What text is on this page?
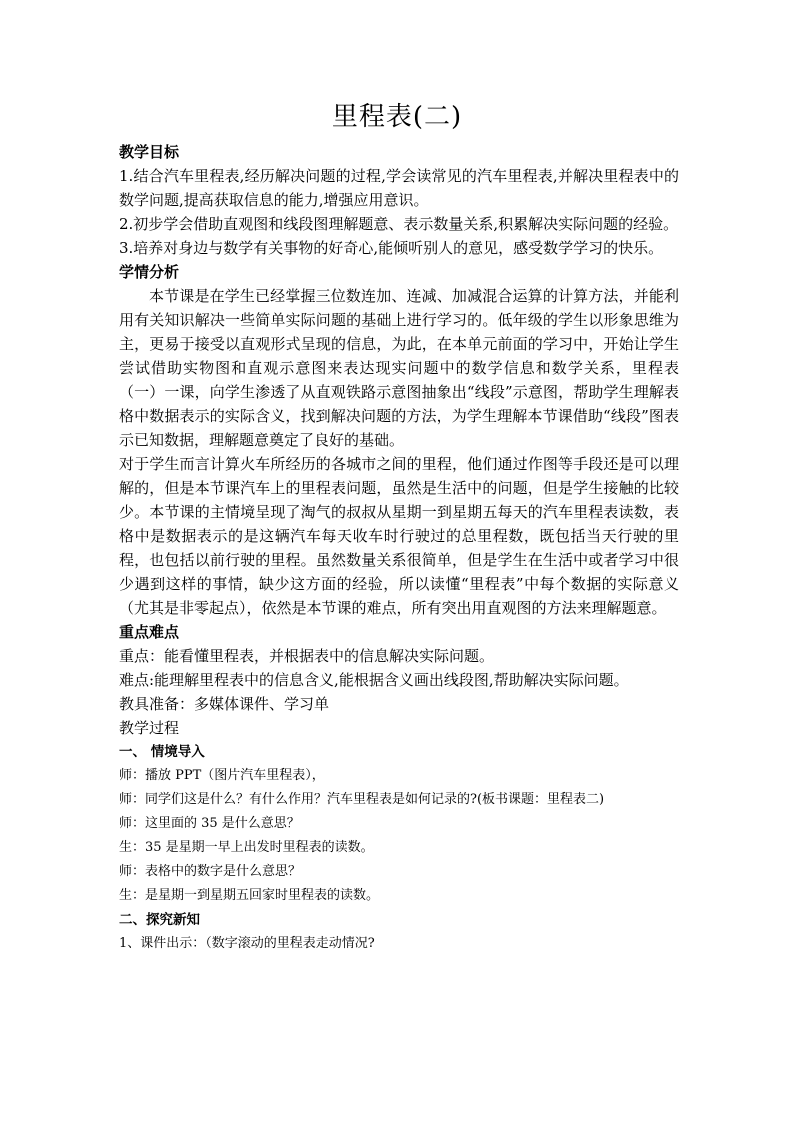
里程表(二)

教学目标

1.结合汽车里程表,经历解决问题的过程,学会读常见的汽车里程表,并解决里程表中的数学问题,提高获取信息的能力,增强应用意识。

2.初步学会借助直观图和线段图理解题意、表示数量关系,积累解决实际问题的经验。

3.培养对身边与数学有关事物的好奇心,能倾听别人的意见，感受数学学习的快乐。

学情分析

本节课是在学生已经掌握三位数连加、连减、加减混合运算的计算方法，并能利用有关知识解决一些简单实际问题的基础上进行学习的。低年级的学生以形象思维为主，更易于接受以直观形式呈现的信息，为此，在本单元前面的学习中，开始让学生尝试借助实物图和直观示意图来表达现实问题中的数学信息和数学关系，里程表（一）一课，向学生渗透了从直观铁路示意图抽象出“线段”示意图，帮助学生理解表格中数据表示的实际含义，找到解决问题的方法，为学生理解本节课借助“线段”图表示已知数据，理解题意奠定了良好的基础。

对于学生而言计算火车所经历的各城市之间的里程，他们通过作图等手段还是可以理解的，但是本节课汽车上的里程表问题，虽然是生活中的问题，但是学生接触的比较少。本节课的主情境呈现了淘气的叔叔从星期一到星期五每天的汽车里程表读数，表格中是数据表示的是这辆汽车每天收车时行驶过的总里程数，既包括当天行驶的里程，也包括以前行驶的里程。虽然数量关系很简单，但是学生在生活中或者学习中很少遇到这样的事情，缺少这方面的经验，所以读懂“里程表”中每个数据的实际意义（尤其是非零起点），依然是本节课的难点，所有突出用直观图的方法来理解题意。

重点难点

重点：能看懂里程表，并根据表中的信息解决实际问题。

难点:能理解里程表中的信息含义,能根据含义画出线段图,帮助解决实际问题。

教具准备：多媒体课件、学习单

教学过程

一、 情境导入

师：播放 PPT（图片汽车里程表），

师：同学们这是什么？有什么作用？汽车里程表是如何记录的?(板书课题：里程表二)

师：这里面的 35 是什么意思？

生：35 是星期一早上出发时里程表的读数。

师：表格中的数字是什么意思？

生：是星期一到星期五回家时里程表的读数。

二、探究新知

1、课件出示：（数字滚动的里程表走动情况?
